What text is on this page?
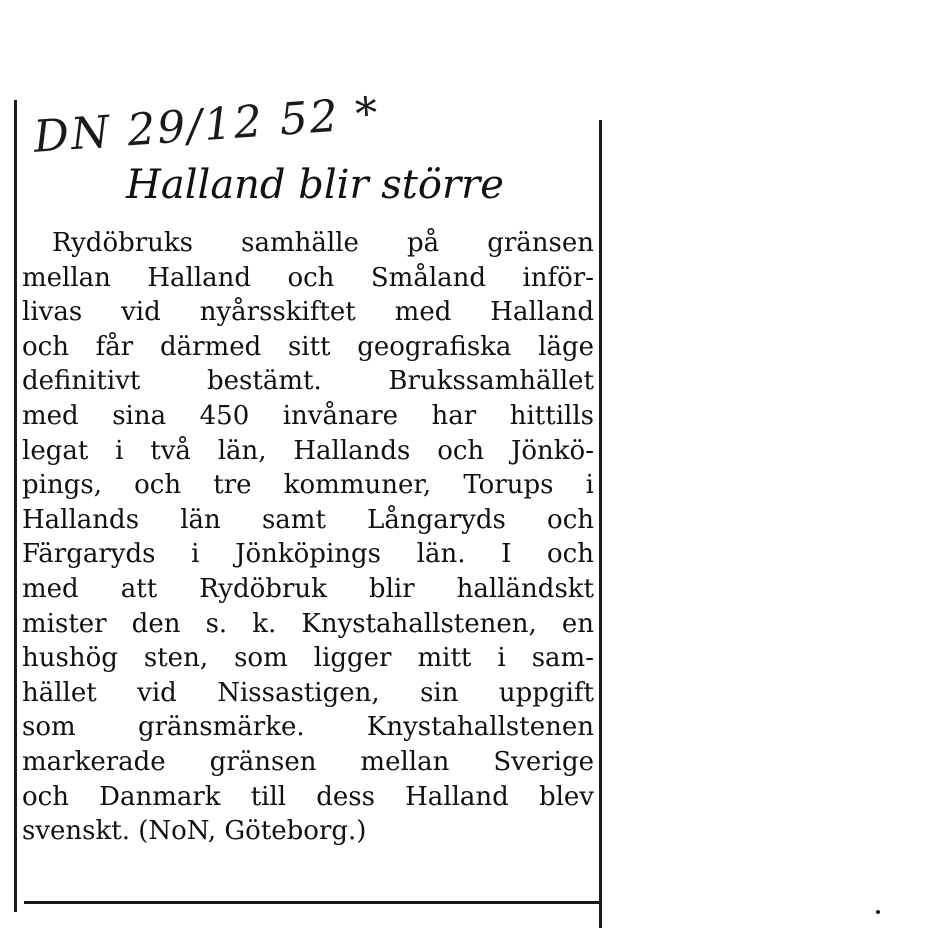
DN 29/12 52 *
Halland blir större
Rydöbruks samhälle på gränsen
mellan Halland och Småland inför-
livas vid nyårsskiftet med Halland
och får därmed sitt geografiska läge
definitivt bestämt. Brukssamhället
med sina 450 invånare har hittills
legat i två län, Hallands och Jönkö-
pings, och tre kommuner, Torups i
Hallands län samt Långaryds och
Färgaryds i Jönköpings län. I och
med att Rydöbruk blir halländskt
mister den s. k. Knystahallstenen, en
hushög sten, som ligger mitt i sam-
hället vid Nissastigen, sin uppgift
som gränsmärke. Knystahallstenen
markerade gränsen mellan Sverige
och Danmark till dess Halland blev
svenskt. (NoN, Göteborg.)
